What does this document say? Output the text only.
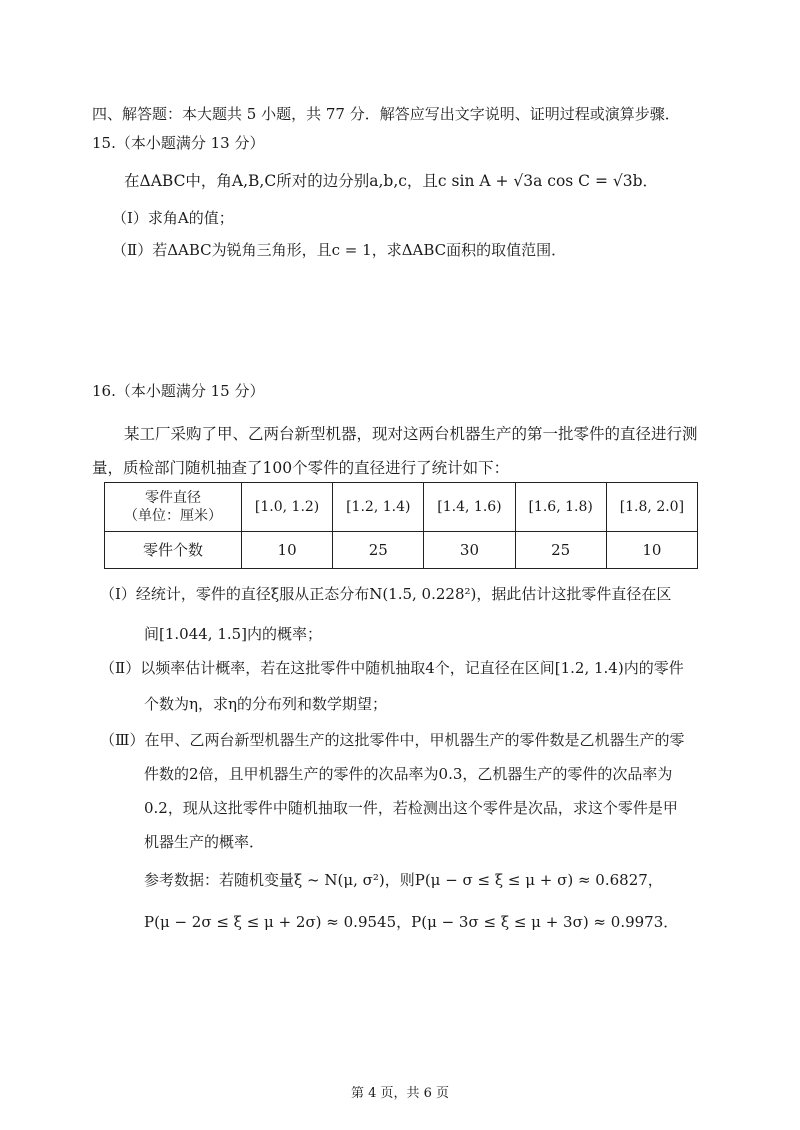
四、解答题：本大题共 5 小题，共 77 分．解答应写出文字说明、证明过程或演算步骤．
15.（本小题满分 13 分）
在ΔABC中，角A,B,C所对的边分别a,b,c，且c sin A + √3a cos C = √3b．
（Ⅰ）求角A的值；
（Ⅱ）若ΔABC为锐角三角形，且c = 1，求ΔABC面积的取值范围．
16.（本小题满分 15 分）
某工厂采购了甲、乙两台新型机器，现对这两台机器生产的第一批零件的直径进行测
量，质检部门随机抽查了100个零件的直径进行了统计如下：
零件直径
（单位：厘米）	[1.0, 1.2)	[1.2, 1.4)	[1.4, 1.6)	[1.6, 1.8)	[1.8, 2.0]
零件个数	10	25	30	25	10
（Ⅰ）经统计，零件的直径ξ服从正态分布N(1.5, 0.228²)，据此估计这批零件直径在区
间[1.044, 1.5]内的概率；
（Ⅱ）以频率估计概率，若在这批零件中随机抽取4个，记直径在区间[1.2, 1.4)内的零件
个数为η，求η的分布列和数学期望；
（Ⅲ）在甲、乙两台新型机器生产的这批零件中，甲机器生产的零件数是乙机器生产的零
件数的2倍，且甲机器生产的零件的次品率为0.3，乙机器生产的零件的次品率为
0.2，现从这批零件中随机抽取一件，若检测出这个零件是次品，求这个零件是甲
机器生产的概率．
参考数据：若随机变量ξ ~ N(μ, σ²)，则P(μ − σ ≤ ξ ≤ μ + σ) ≈ 0.6827，
P(μ − 2σ ≤ ξ ≤ μ + 2σ) ≈ 0.9545，P(μ − 3σ ≤ ξ ≤ μ + 3σ) ≈ 0.9973．
第 4 页，共 6 页
